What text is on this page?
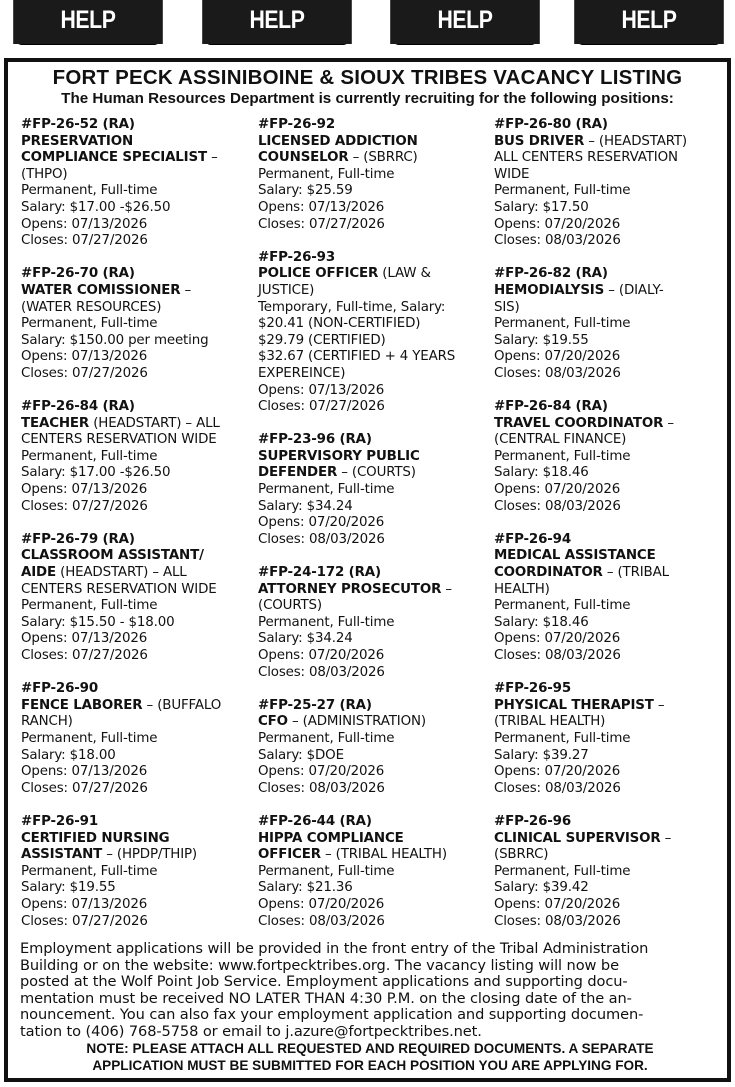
HELP WANTED
HELP WANTED
HELP WANTED
HELP WANTED
FORT PECK ASSINIBOINE & SIOUX TRIBES VACANCY LISTING
The Human Resources Department is currently recruiting for the following positions:
#FP-26-52 (RA)
PRESERVATION
COMPLIANCE SPECIALIST –
(THPO)
Permanent, Full-time
Salary: $17.00 -$26.50
Opens: 07/13/2026
Closes: 07/27/2026
#FP-26-70 (RA)
WATER COMISSIONER –
(WATER RESOURCES)
Permanent, Full-time
Salary: $150.00 per meeting
Opens: 07/13/2026
Closes: 07/27/2026
#FP-26-84 (RA)
TEACHER (HEADSTART) – ALL
CENTERS RESERVATION WIDE
Permanent, Full-time
Salary: $17.00 -$26.50
Opens: 07/13/2026
Closes: 07/27/2026
#FP-26-79 (RA)
CLASSROOM ASSISTANT/
AIDE (HEADSTART) – ALL
CENTERS RESERVATION WIDE
Permanent, Full-time
Salary: $15.50 - $18.00
Opens: 07/13/2026
Closes: 07/27/2026
#FP-26-90
FENCE LABORER – (BUFFALO
RANCH)
Permanent, Full-time
Salary: $18.00
Opens: 07/13/2026
Closes: 07/27/2026
#FP-26-91
CERTIFIED NURSING
ASSISTANT – (HPDP/THIP)
Permanent, Full-time
Salary: $19.55
Opens: 07/13/2026
Closes: 07/27/2026
#FP-26-92
LICENSED ADDICTION
COUNSELOR – (SBRRC)
Permanent, Full-time
Salary: $25.59
Opens: 07/13/2026
Closes: 07/27/2026
#FP-26-93
POLICE OFFICER (LAW &
JUSTICE)
Temporary, Full-time, Salary:
$20.41 (NON-CERTIFIED)
$29.79 (CERTIFIED)
$32.67 (CERTIFIED + 4 YEARS
EXPEREINCE)
Opens: 07/13/2026
Closes: 07/27/2026
#FP-23-96 (RA)
SUPERVISORY PUBLIC
DEFENDER – (COURTS)
Permanent, Full-time
Salary: $34.24
Opens: 07/20/2026
Closes: 08/03/2026
#FP-24-172 (RA)
ATTORNEY PROSECUTOR –
(COURTS)
Permanent, Full-time
Salary: $34.24
Opens: 07/20/2026
Closes: 08/03/2026
#FP-25-27 (RA)
CFO – (ADMINISTRATION)
Permanent, Full-time
Salary: $DOE
Opens: 07/20/2026
Closes: 08/03/2026
#FP-26-44 (RA)
HIPPA COMPLIANCE
OFFICER – (TRIBAL HEALTH)
Permanent, Full-time
Salary: $21.36
Opens: 07/20/2026
Closes: 08/03/2026
#FP-26-80 (RA)
BUS DRIVER – (HEADSTART)
ALL CENTERS RESERVATION
WIDE
Permanent, Full-time
Salary: $17.50
Opens: 07/20/2026
Closes: 08/03/2026
#FP-26-82 (RA)
HEMODIALYSIS – (DIALY-
SIS)
Permanent, Full-time
Salary: $19.55
Opens: 07/20/2026
Closes: 08/03/2026
#FP-26-84 (RA)
TRAVEL COORDINATOR –
(CENTRAL FINANCE)
Permanent, Full-time
Salary: $18.46
Opens: 07/20/2026
Closes: 08/03/2026
#FP-26-94
MEDICAL ASSISTANCE
COORDINATOR – (TRIBAL
HEALTH)
Permanent, Full-time
Salary: $18.46
Opens: 07/20/2026
Closes: 08/03/2026
#FP-26-95
PHYSICAL THERAPIST –
(TRIBAL HEALTH)
Permanent, Full-time
Salary: $39.27
Opens: 07/20/2026
Closes: 08/03/2026
#FP-26-96
CLINICAL SUPERVISOR –
(SBRRC)
Permanent, Full-time
Salary: $39.42
Opens: 07/20/2026
Closes: 08/03/2026
Employment applications will be provided in the front entry of the Tribal Administration
Building or on the website: www.fortpecktribes.org. The vacancy listing will now be
posted at the Wolf Point Job Service. Employment applications and supporting docu-
mentation must be received NO LATER THAN 4:30 P.M. on the closing date of the an-
nouncement. You can also fax your employment application and supporting documen-
tation to (406) 768-5758 or email to j.azure@fortpecktribes.net.
NOTE: PLEASE ATTACH ALL REQUESTED AND REQUIRED DOCUMENTS. A SEPARATE
APPLICATION MUST BE SUBMITTED FOR EACH POSITION YOU ARE APPLYING FOR.
